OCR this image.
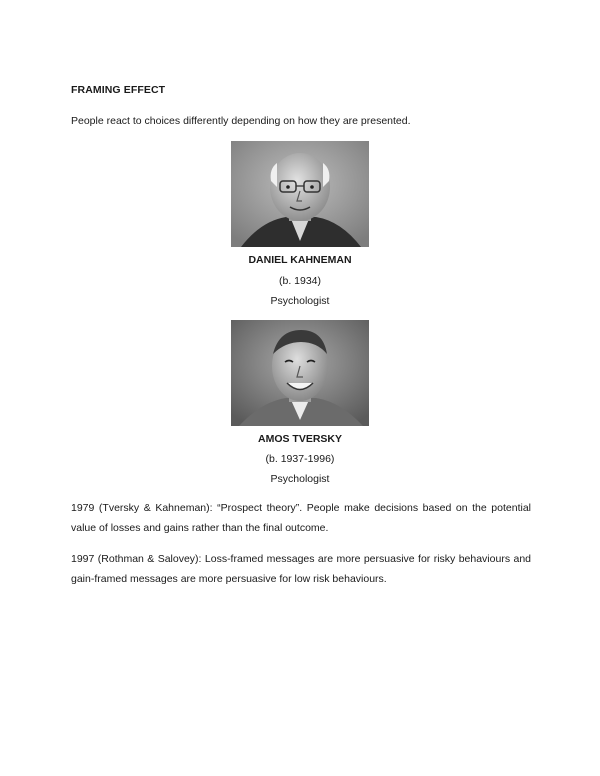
FRAMING EFFECT
People react to choices differently depending on how they are presented.
DANIEL KAHNEMAN
(b. 1934)
Psychologist
AMOS TVERSKY
(b. 1937-1996)
Psychologist
1979 (Tversky & Kahneman): “Prospect theory”. People make decisions based on the potential value of losses and gains rather than the final outcome.
1997 (Rothman & Salovey): Loss-framed messages are more persuasive for risky behaviours and gain-framed messages are more persuasive for low risk behaviours.
